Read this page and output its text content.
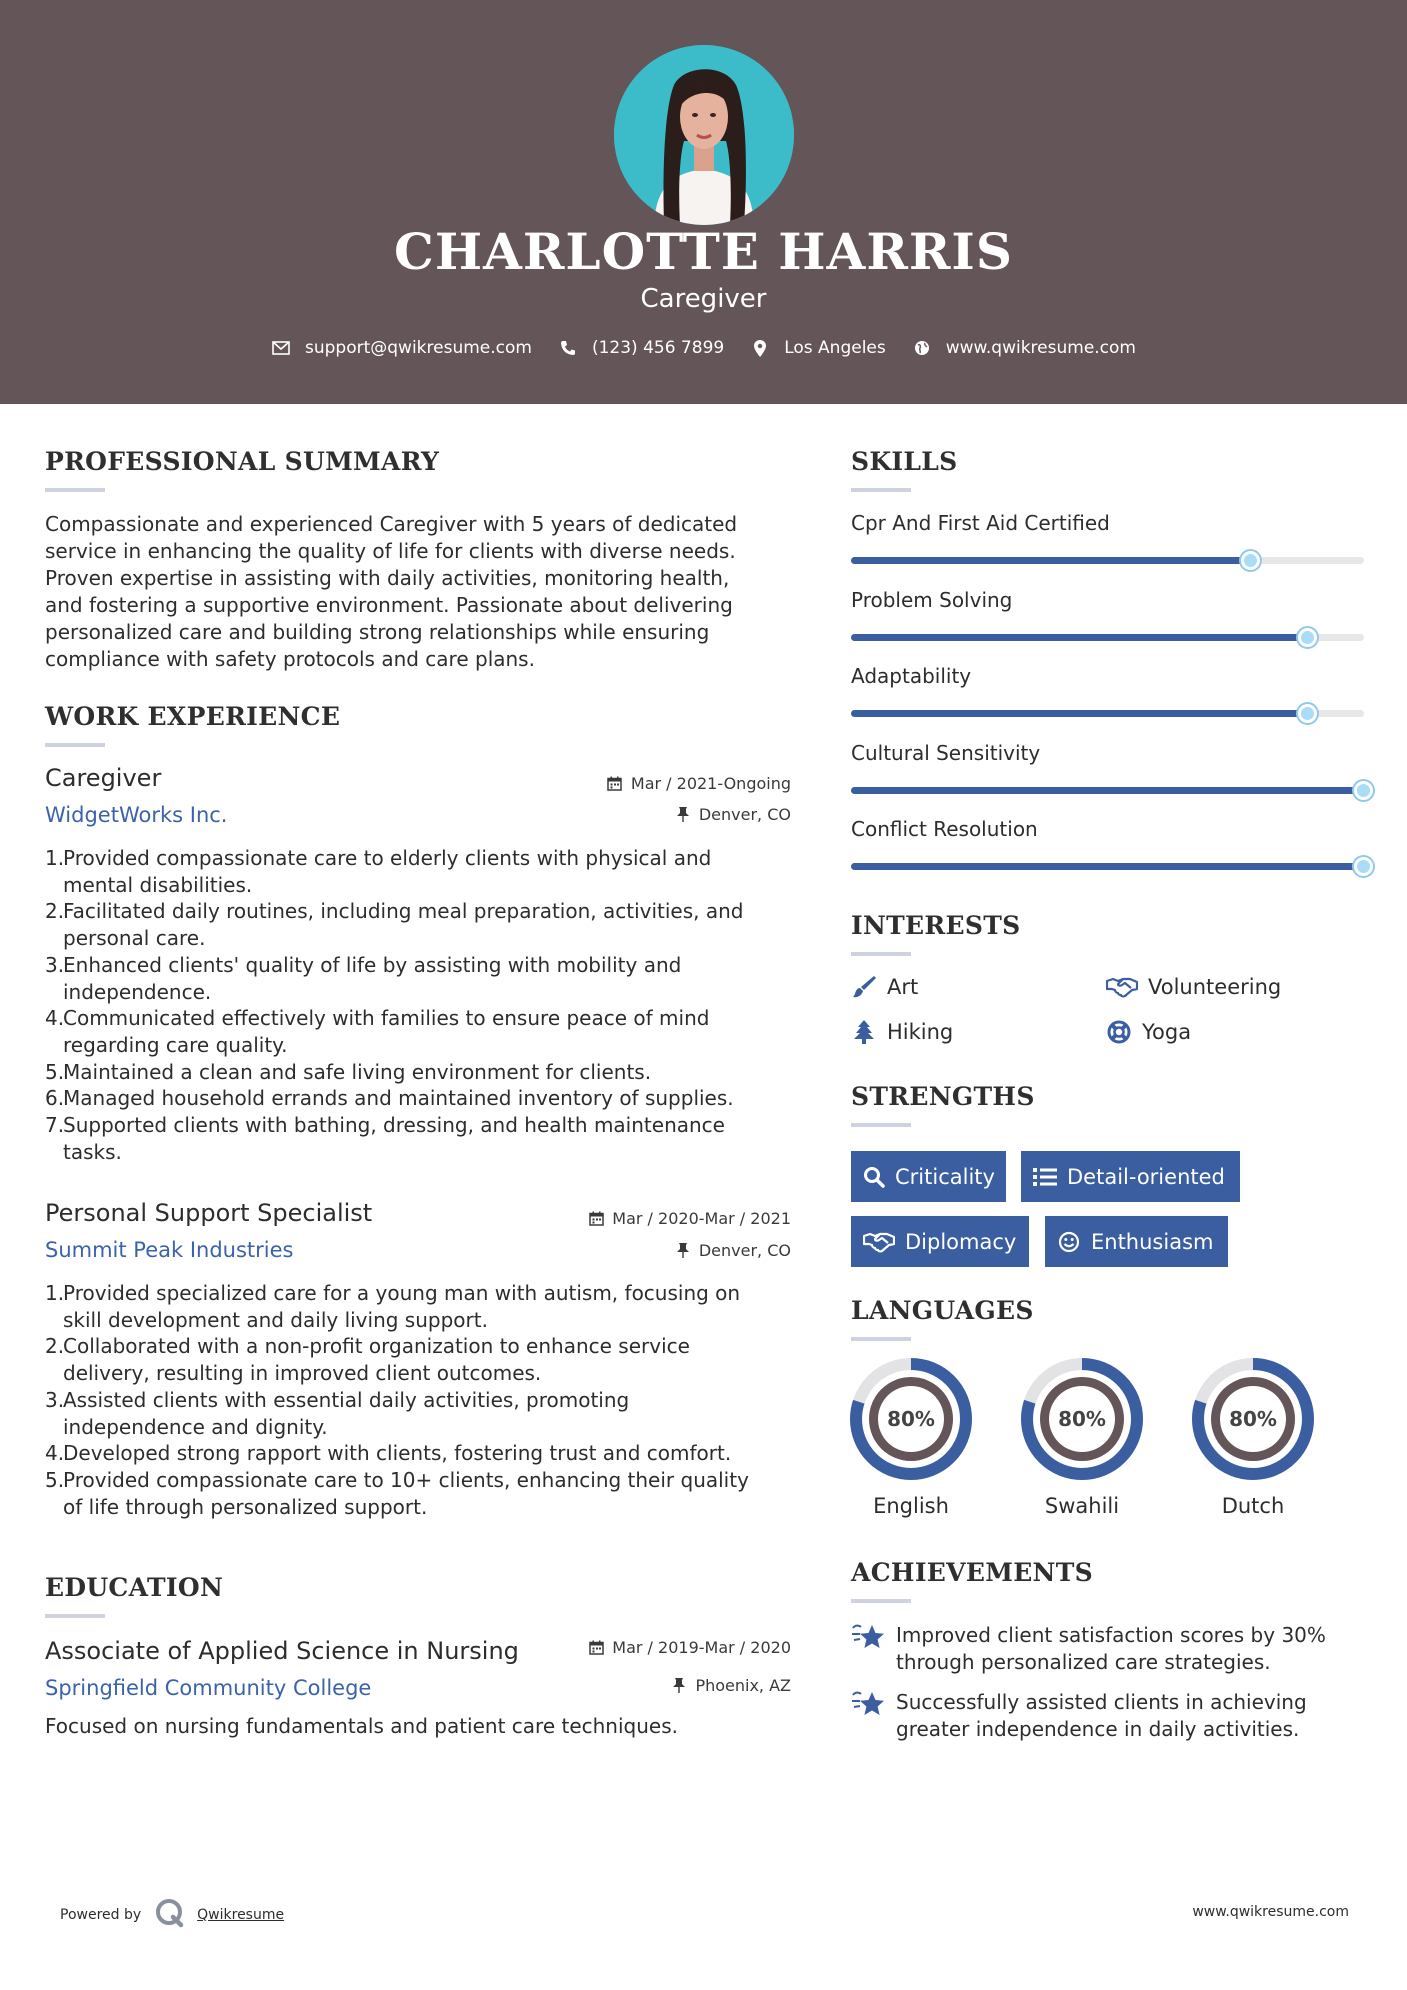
CHARLOTTE HARRIS
Caregiver
support@qwikresume.com	(123) 456 7899	Los Angeles	www.qwikresume.com
PROFESSIONAL SUMMARY
Compassionate and experienced Caregiver with 5 years of dedicated
service in enhancing the quality of life for clients with diverse needs.
Proven expertise in assisting with daily activities, monitoring health,
and fostering a supportive environment. Passionate about delivering
personalized care and building strong relationships while ensuring
compliance with safety protocols and care plans.
WORK EXPERIENCE
Caregiver
WidgetWorks Inc.
Mar / 2021-Ongoing
Denver, CO
1.
Provided compassionate care to elderly clients with physical and
mental disabilities.
2.
Facilitated daily routines, including meal preparation, activities, and
personal care.
3.
Enhanced clients' quality of life by assisting with mobility and
independence.
4.
Communicated effectively with families to ensure peace of mind
regarding care quality.
5.
Maintained a clean and safe living environment for clients.
6.
Managed household errands and maintained inventory of supplies.
7.
Supported clients with bathing, dressing, and health maintenance
tasks.
Personal Support Specialist
Summit Peak Industries
Mar / 2020-Mar / 2021
Denver, CO
1.
Provided specialized care for a young man with autism, focusing on
skill development and daily living support.
2.
Collaborated with a non-profit organization to enhance service
delivery, resulting in improved client outcomes.
3.
Assisted clients with essential daily activities, promoting
independence and dignity.
4.
Developed strong rapport with clients, fostering trust and comfort.
5.
Provided compassionate care to 10+ clients, enhancing their quality
of life through personalized support.
EDUCATION
Associate of Applied Science in Nursing
Springfield Community College
Mar / 2019-Mar / 2020
Phoenix, AZ
Focused on nursing fundamentals and patient care techniques.
SKILLS
Cpr And First Aid Certified
Problem Solving
Adaptability
Cultural Sensitivity
Conflict Resolution
INTERESTS
Art	Volunteering
Hiking	Yoga
STRENGTHS
Criticality	Detail-oriented
Diplomacy	Enthusiasm
LANGUAGES
80%
English
80%
Swahili
80%
Dutch
ACHIEVEMENTS
Improved client satisfaction scores by 30%
through personalized care strategies.
Successfully assisted clients in achieving
greater independence in daily activities.
Powered by	Qwikresume	www.qwikresume.com
